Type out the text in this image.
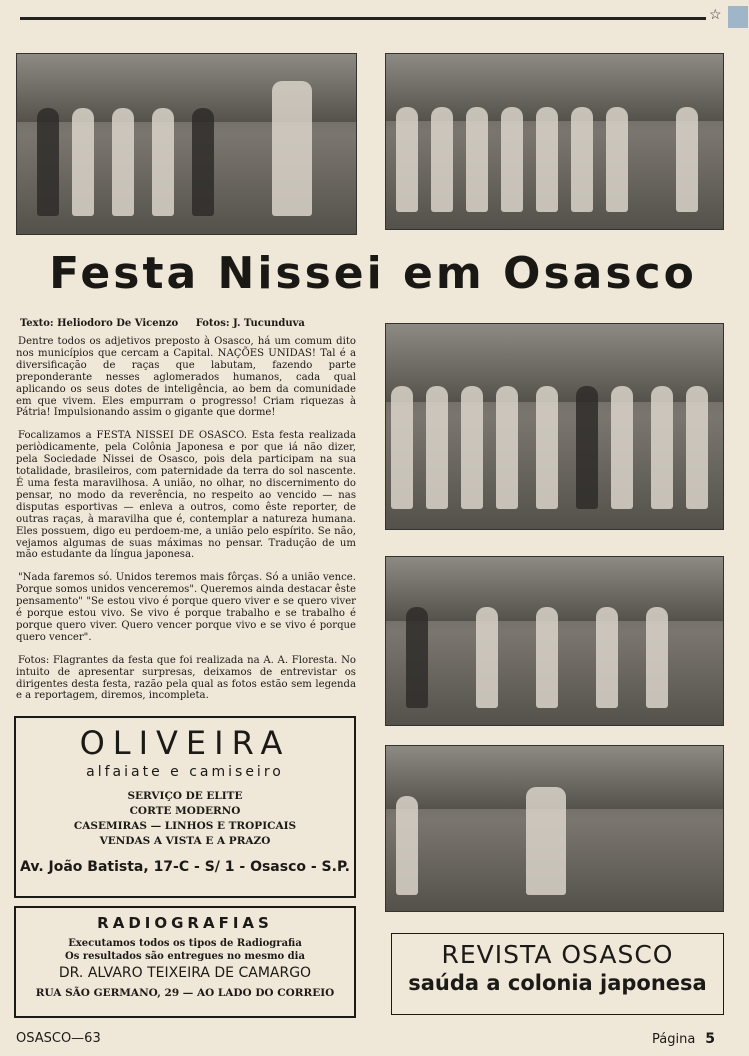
☆
Festa Nissei em Osasco
Texto: Heliodoro De Vicenzo Fotos: J. Tucunduva

Dentre todos os adjetivos preposto à Osasco, há um comum dito nos municípios que cercam a Capital. NAÇÕES UNIDAS! Tal é a diversificação de raças que labutam, fazendo parte preponderante nesses aglomerados humanos, cada qual aplicando os seus dotes de inteligência, ao bem da comunidade em que vivem. Eles empurram o progresso! Criam riquezas à Pátria! Impulsionando assim o gigante que dorme!

Focalizamos a FESTA NISSEI DE OSASCO. Esta festa realizada periòdicamente, pela Colônia Japonesa e por que iá não dizer, pela Sociedade Nissei de Osasco, pois dela participam na sua totalidade, brasileiros, com paternidade da terra do sol nascente. É uma festa maravilhosa. A união, no olhar, no discernimento do pensar, no modo da reverência, no respeito ao vencido — nas disputas esportivas — enleva a outros, como êste reporter, de outras raças, à maravilha que é, contemplar a natureza humana. Eles possuem, digo eu perdoem-me, a união pelo espírito. Se não, vejamos algumas de suas máximas no pensar. Tradução de um mão estudante da língua japonesa.

"Nada faremos só. Unidos teremos mais fôrças. Só a união vence. Porque somos unidos venceremos". Queremos ainda destacar êste pensamento" "Se estou vivo é porque quero viver e se quero viver é porque estou vivo. Se vivo é porque trabalho e se trabalho é porque quero viver. Quero vencer porque vivo e se vivo é porque quero vencer".

Fotos: Flagrantes da festa que foi realizada na A. A. Floresta. No intuito de apresentar surpresas, deixamos de entrevistar os dirigentes desta festa, razão pela qual as fotos estão sem legenda e a reportagem, diremos, incompleta.

OLIVEIRA
alfaiate e camiseiro
SERVIÇO DE ELITE
CORTE MODERNO
CASEMIRAS — LINHOS E TROPICAIS
VENDAS A VISTA E A PRAZO
Av. João Batista, 17-C - S/ 1 - Osasco - S.P.
RADIOGRAFIAS
Executamos todos os tipos de Radiografia
Os resultados são entregues no mesmo dia
DR. ALVARO TEIXEIRA DE CAMARGO
RUA SÃO GERMANO, 29 — AO LADO DO CORREIO
REVISTA OSASCO
saúda a colonia japonesa
OSASCO—63	Página 5
